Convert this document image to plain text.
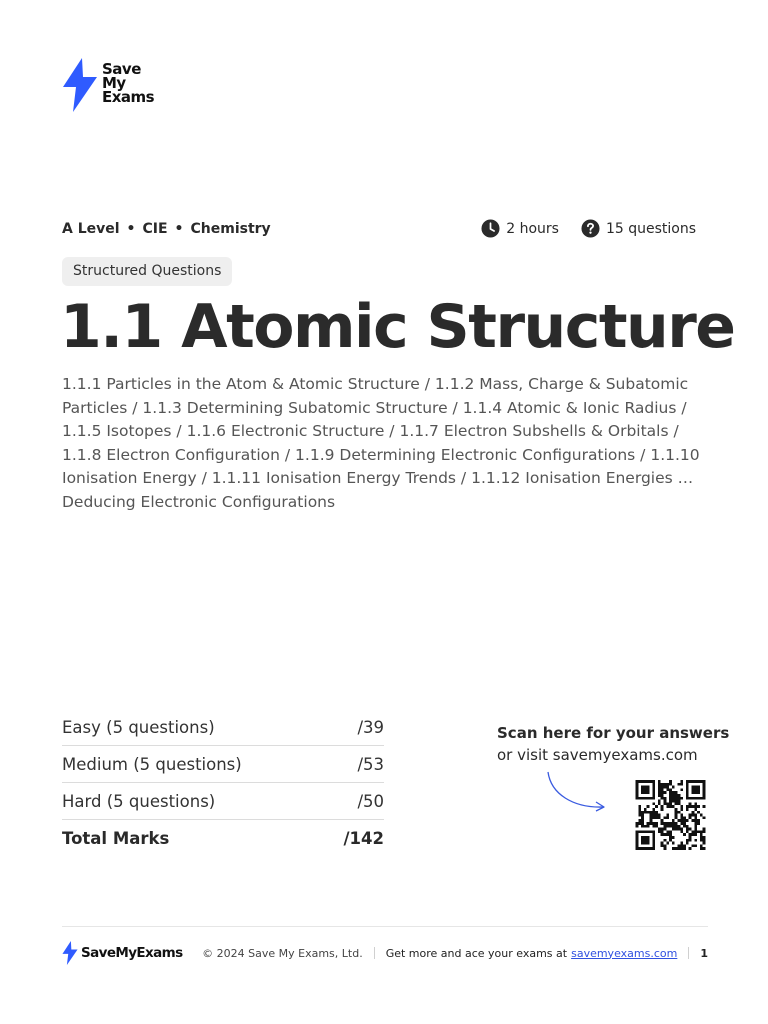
Save
My
Exams
A Level • CIE • Chemistry	2 hours	15 questions
Structured Questions
1.1 Atomic Structure
1.1.1 Particles in the Atom & Atomic Structure / 1.1.2 Mass, Charge & Subatomic Particles / 1.1.3 Determining Subatomic Structure / 1.1.4 Atomic & Ionic Radius / 1.1.5 Isotopes / 1.1.6 Electronic Structure / 1.1.7 Electron Subshells & Orbitals / 1.1.8 Electron Configuration / 1.1.9 Determining Electronic Configurations / 1.1.10 Ionisation Energy / 1.1.11 Ionisation Energy Trends / 1.1.12 Ionisation Energies & Deducing Electronic Configurations
Easy (5 questions)	/39
Medium (5 questions)	/53
Hard (5 questions)	/50
Total Marks	/142
Scan here for your answers
or visit savemyexams.com
SaveMyExams © 2024 Save My Exams, Ltd. Get more and ace your exams at savemyexams.com 1
